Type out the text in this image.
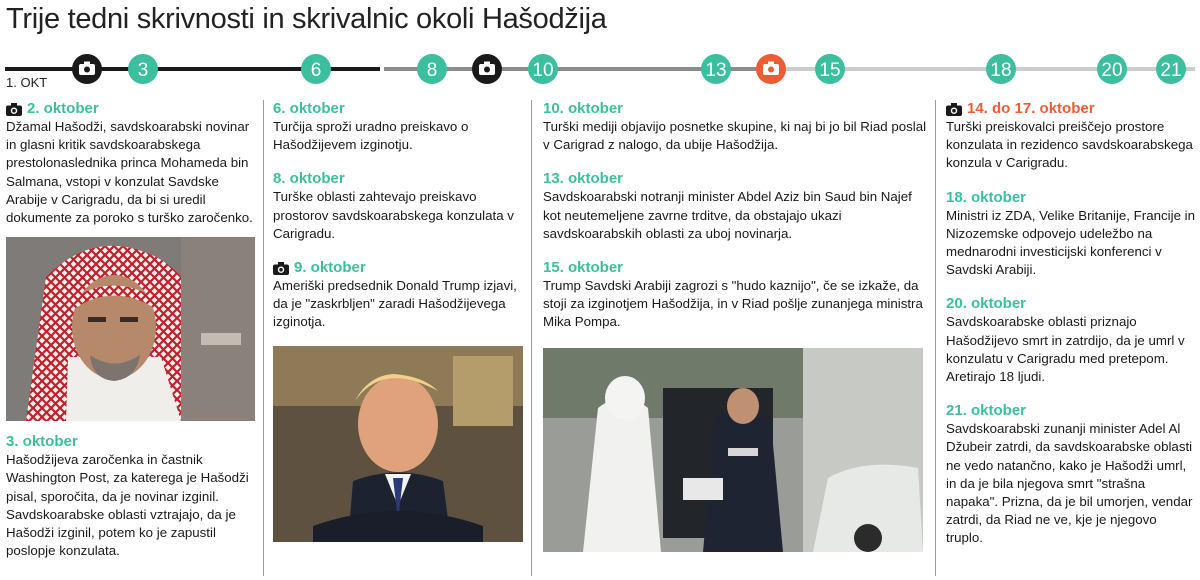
Trije tedni skrivnosti in skrivalnic okoli Hašodžija
3	6	8	10	13	15	18	20 21
1. OKT
2. oktober
Džamal Hašodži, savdskoarabski novinar in glasni kritik savdskoarabskega prestolonaslednika princa Mohameda bin Salmana, vstopi v konzulat Savdske Arabije v Carigradu, da bi si uredil dokumente za poroko s turško zaročenko.
3. oktober
Hašodžijeva zaročenka in častnik Washington Post, za katerega je Hašodži pisal, sporočita, da je novinar izginil. Savdskoarabske oblasti vztrajajo, da je Hašodži izginil, potem ko je zapustil poslopje konzulata.
6. oktober
Turčija sproži uradno preiskavo o Hašodžijevem izginotju.
8. oktober
Turške oblasti zahtevajo preiskavo prostorov savdskoarabskega konzulata v Carigradu.
9. oktober
Ameriški predsednik Donald Trump izjavi, da je "zaskrbljen" zaradi Hašodžijevega izginotja.
10. oktober
Turški mediji objavijo posnetke skupine, ki naj bi jo bil Riad poslal v Carigrad z nalogo, da ubije Hašodžija.
13. oktober
Savdskoarabski notranji minister Abdel Aziz bin Saud bin Najef kot neutemeljene zavrne trditve, da obstajajo ukazi savdskoarabskih oblasti za uboj novinarja.
15. oktober
Trump Savdski Arabiji zagrozi s "hudo kaznijo", če se izkaže, da stoji za izginotjem Hašodžija, in v Riad pošlje zunanjega ministra Mika Pompa.
14. do 17. oktober
Turški preiskovalci preiščejo prostore konzulata in rezidenco savdskoarabskega konzula v Carigradu.
18. oktober
Ministri iz ZDA, Velike Britanije, Francije in Nizozemske odpovejo udeležbo na mednarodni investicijski konferenci v Savdski Arabiji.
20. oktober
Savdskoarabske oblasti priznajo Hašodžijevo smrt in zatrdijo, da je umrl v konzulatu v Carigradu med pretepom. Aretirajo 18 ljudi.
21. oktober
Savdskoarabski zunanji minister Adel Al Džubeir zatrdi, da savdskoarabske oblasti ne vedo natančno, kako je Hašodži umrl, in da je bila njegova smrt "strašna napaka". Prizna, da je bil umorjen, vendar zatrdi, da Riad ne ve, kje je njegovo truplo.
